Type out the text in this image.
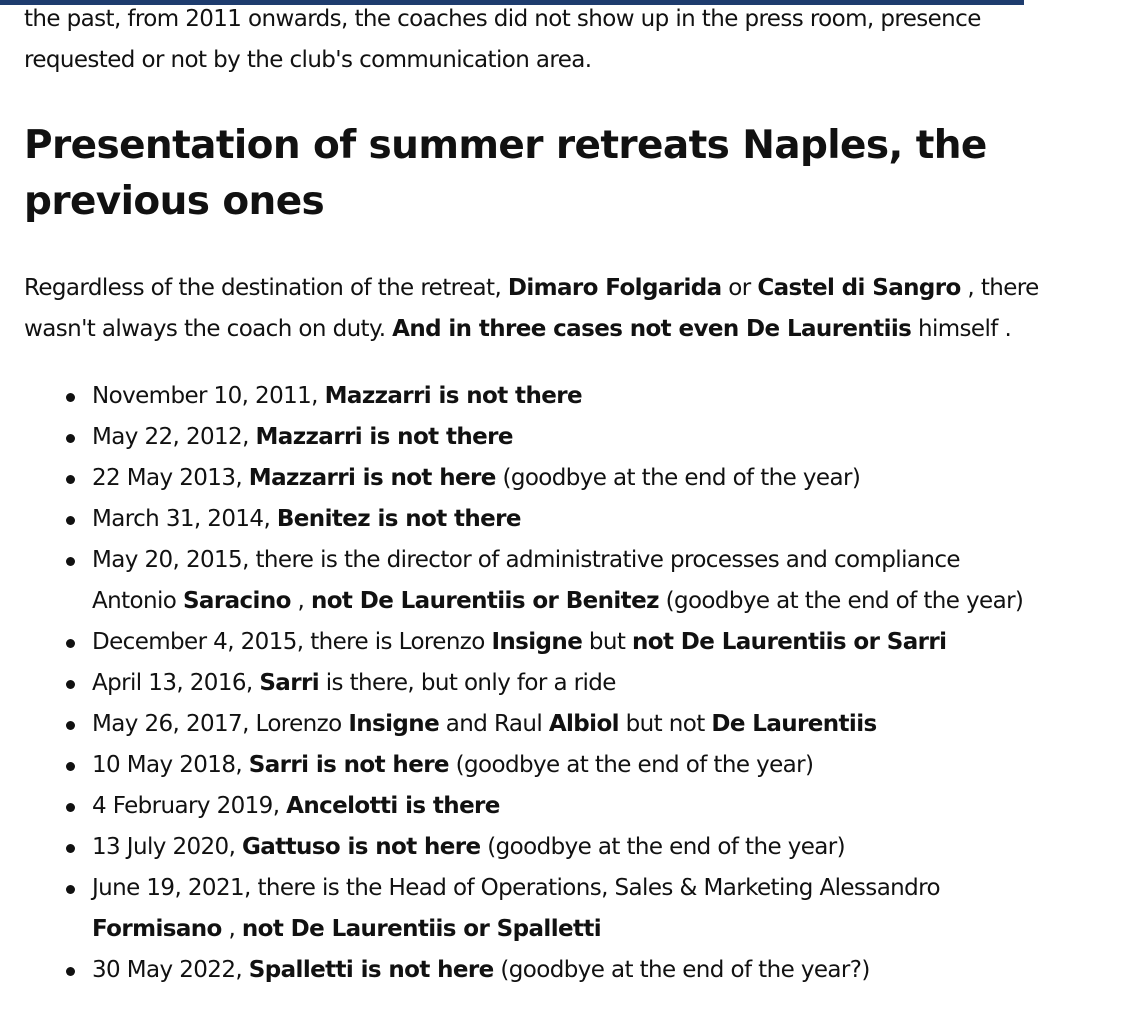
the past, from 2011 onwards, the coaches did not show up in the press room, presence
requested or not by the club's communication area.

Presentation of summer retreats Naples, the
previous ones

Regardless of the destination of the retreat, Dimaro Folgarida or Castel di Sangro , there
wasn't always the coach on duty. And in three cases not even De Laurentiis himself .

November 10, 2011, Mazzarri is not there
May 22, 2012, Mazzarri is not there
22 May 2013, Mazzarri is not here (goodbye at the end of the year)
March 31, 2014, Benitez is not there
May 20, 2015, there is the director of administrative processes and compliance
Antonio Saracino , not De Laurentiis or Benitez (goodbye at the end of the year)
December 4, 2015, there is Lorenzo Insigne but not De Laurentiis or Sarri
April 13, 2016, Sarri is there, but only for a ride
May 26, 2017, Lorenzo Insigne and Raul Albiol but not De Laurentiis
10 May 2018, Sarri is not here (goodbye at the end of the year)
4 February 2019, Ancelotti is there
13 July 2020, Gattuso is not here (goodbye at the end of the year)
June 19, 2021, there is the Head of Operations, Sales & Marketing Alessandro
Formisano , not De Laurentiis or Spalletti
30 May 2022, Spalletti is not here (goodbye at the end of the year?)
